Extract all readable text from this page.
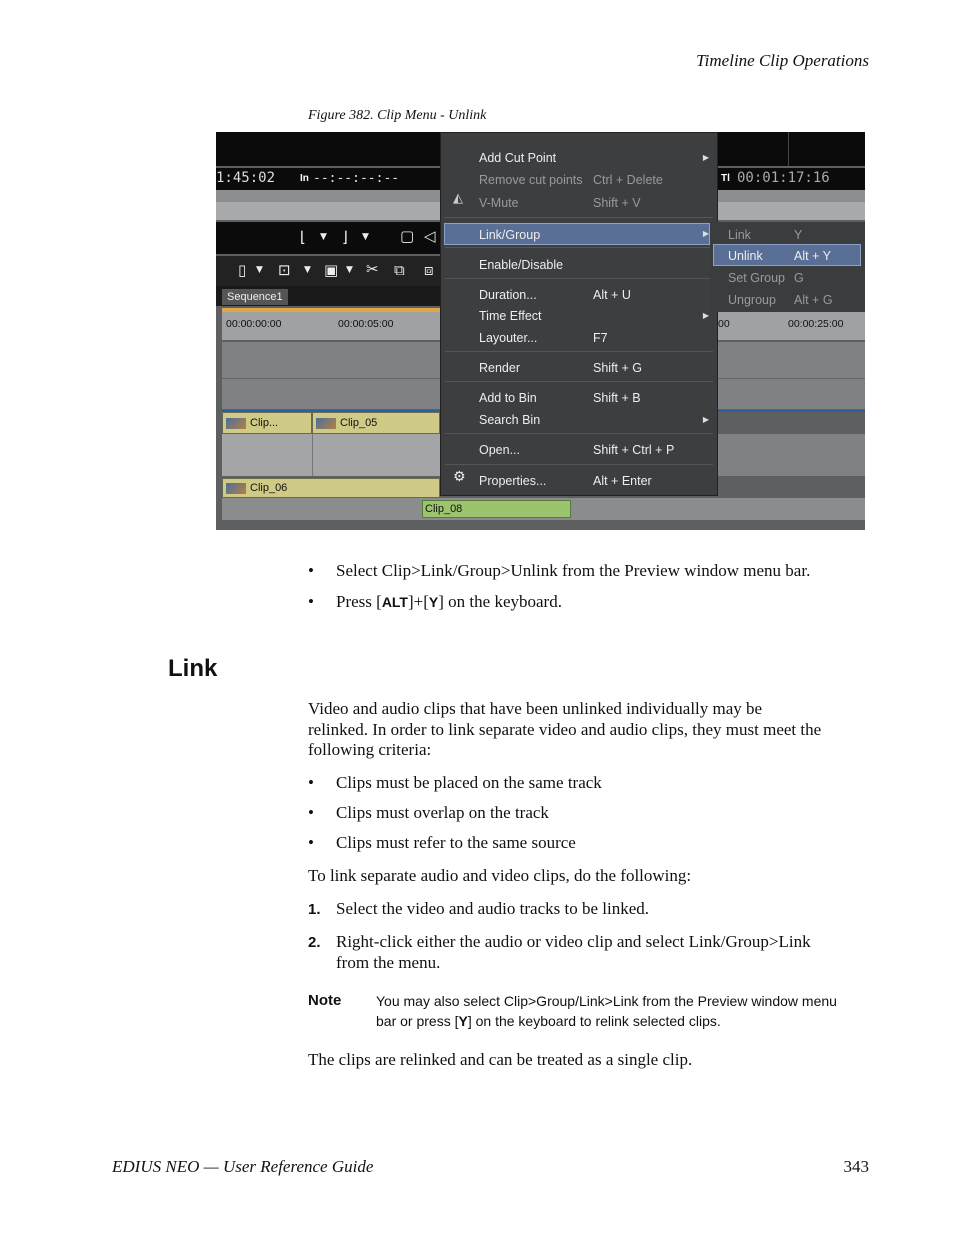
Timeline Clip Operations
Figure 382. Clip Menu - Unlink
1:45:02 In --:--:--:--	Tl 00:01:17:16
⌊ ▼ ⌋ ▼ ▢ ◁
▯ ▼ ⊡ ▼ ▣ ▼ ✂ ⧉ ⧈
Sequence1
00:00:00:00	00:00:05:00	00	00:00:25:00
Clip...	Clip_05
Clip_06
Clip_08
Add Cut Point	▶
Remove cut points Ctrl + Delete
◭ V-Mute	Shift + V
Link/Group	▶
Enable/Disable
Duration...	Alt + U
Time Effect	▶
Layouter...	F7
Render	Shift + G
Add to Bin	Shift + B
Search Bin	▶
Open...	Shift + Ctrl + P
⚙ Properties...	Alt + Enter
Link	Y
Unlink	Alt + Y
Set Group G
Ungroup Alt + G
• Select Clip>Link/Group>Unlink from the Preview window menu bar.
• Press [ALT]+[Y] on the keyboard.
Link
Video and audio clips that have been unlinked individually may be
relinked. In order to link separate video and audio clips, they must meet the
following criteria:
• Clips must be placed on the same track
• Clips must overlap on the track
• Clips must refer to the same source
To link separate audio and video clips, do the following:
1. Select the video and audio tracks to be linked.
2. Right-click either the audio or video clip and select Link/Group>Link
from the menu.
Note You may also select Clip>Group/Link>Link from the Preview window menu
bar or press [Y] on the keyboard to relink selected clips.
The clips are relinked and can be treated as a single clip.
EDIUS NEO — User Reference Guide	343
